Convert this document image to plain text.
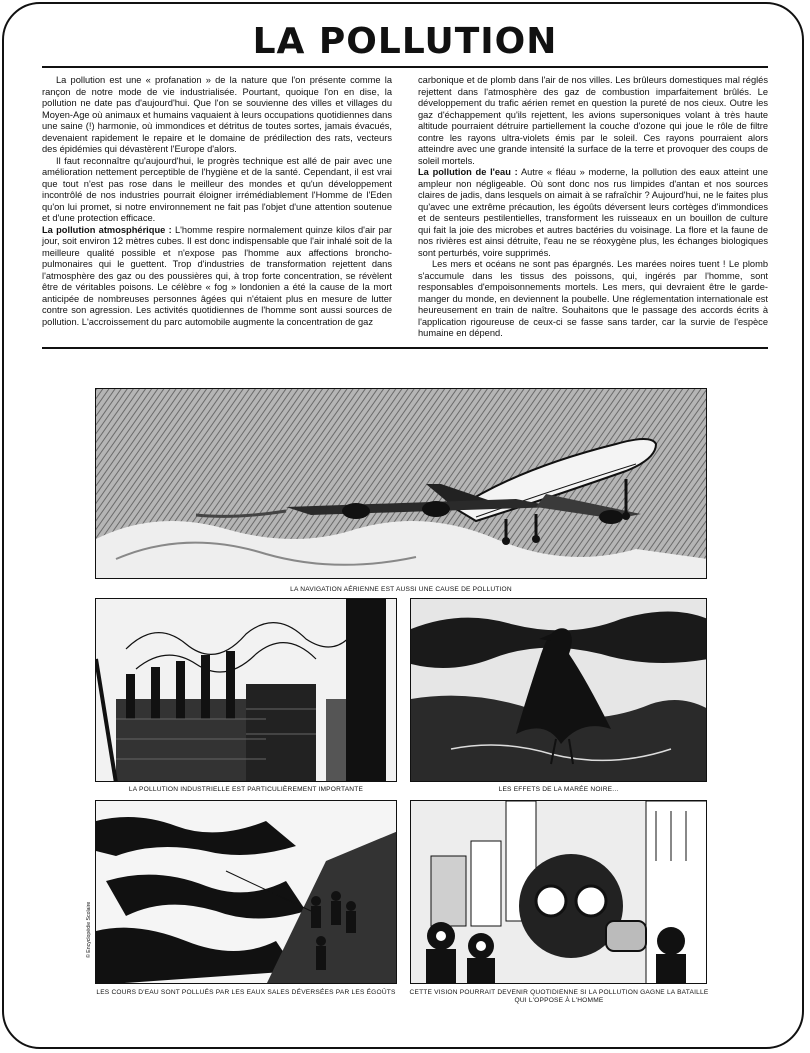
LA POLLUTION

La pollution est une « profanation » de la nature que l'on présente comme la rançon de notre mode de vie industrialisée. Pourtant, quoique l'on en dise, la pollution ne date pas d'aujourd'hui. Que l'on se souvienne des villes et villages du Moyen-Age où animaux et humains vaquaient à leurs occupations quotidiennes dans une saine (!) harmonie, où immondices et détritus de toutes sortes, jamais évacués, devenaient rapidement le repaire et le domaine de prédilection des rats, vecteurs des épidémies qui dévastèrent l'Europe d'alors.

Il faut reconnaître qu'aujourd'hui, le progrès technique est allé de pair avec une amélioration nettement perceptible de l'hygiène et de la santé. Cependant, il est vrai que tout n'est pas rose dans le meilleur des mondes et qu'un développement incontrôlé de nos industries pourrait éloigner irrémédiablement l'Homme de l'Eden qu'on lui promet, si notre environnement ne fait pas l'objet d'une attention soutenue et d'une protection efficace.

La pollution atmosphérique : L'homme respire normalement quinze kilos d'air par jour, soit environ 12 mètres cubes. Il est donc indispensable que l'air inhalé soit de la meilleure qualité possible et n'expose pas l'homme aux affections broncho-pulmonaires qui le guettent. Trop d'industries de transformation rejettent dans l'atmosphère des gaz ou des poussières qui, à trop forte concentration, se révèlent être de véritables poisons. Le célèbre « fog » londonien a été la cause de la mort anticipée de nombreuses personnes âgées qui n'étaient plus en mesure de lutter contre son agression. Les activités quotidiennes de l'homme sont aussi sources de pollution. L'accroissement du parc automobile augmente la concentration de gaz

carbonique et de plomb dans l'air de nos villes. Les brûleurs domestiques mal réglés rejettent dans l'atmosphère des gaz de combustion imparfaitement brûlés. Le développement du trafic aérien remet en question la pureté de nos cieux. Outre les gaz d'échappement qu'ils rejettent, les avions supersoniques volant à très haute altitude pourraient détruire partiellement la couche d'ozone qui joue le rôle de filtre contre les rayons ultra-violets émis par le soleil. Ces rayons pourraient alors atteindre avec une grande intensité la surface de la terre et provoquer des coups de soleil mortels.

La pollution de l'eau : Autre « fléau » moderne, la pollution des eaux atteint une ampleur non négligeable. Où sont donc nos rus limpides d'antan et nos sources claires de jadis, dans lesquels on aimait à se rafraîchir ? Aujourd'hui, ne le faites plus qu'avec une extrême précaution, les égoûts déversent leurs cortèges d'immondices et de senteurs pestilentielles, transforment les ruisseaux en un bouillon de culture qui fait la joie des microbes et autres bactéries du voisinage. La flore et la faune de nos rivières est ainsi détruite, l'eau ne se réoxygène plus, les échanges biologiques sont perturbés, voire supprimés.

Les mers et océans ne sont pas épargnés. Les marées noires tuent ! Le plomb s'accumule dans les tissus des poissons, qui, ingérés par l'homme, sont responsables d'empoisonnements mortels. Les mers, qui devraient être le garde-manger du monde, en deviennent la poubelle. Une réglementation internationale est heureusement en train de naître. Souhaitons que le passage des accords écrits à l'application rigoureuse de ceux-ci se fasse sans tarder, car la survie de l'espèce humaine en dépend.

LA NAVIGATION AÉRIENNE EST AUSSI UNE CAUSE DE POLLUTION
LA POLLUTION INDUSTRIELLE EST PARTICULIÈREMENT IMPORTANTE	LES EFFETS DE LA MARÉE NOIRE...
© Encyclopédie Scolaire
LES COURS D'EAU SONT POLLUÉS PAR LES EAUX SALES DÉVERSÉES PAR LES ÉGOÛTS	CETTE VISION POURRAIT DEVENIR QUOTIDIENNE SI LA POLLUTION GAGNE LA BATAILLE QUI L'OPPOSE À L'HOMME
